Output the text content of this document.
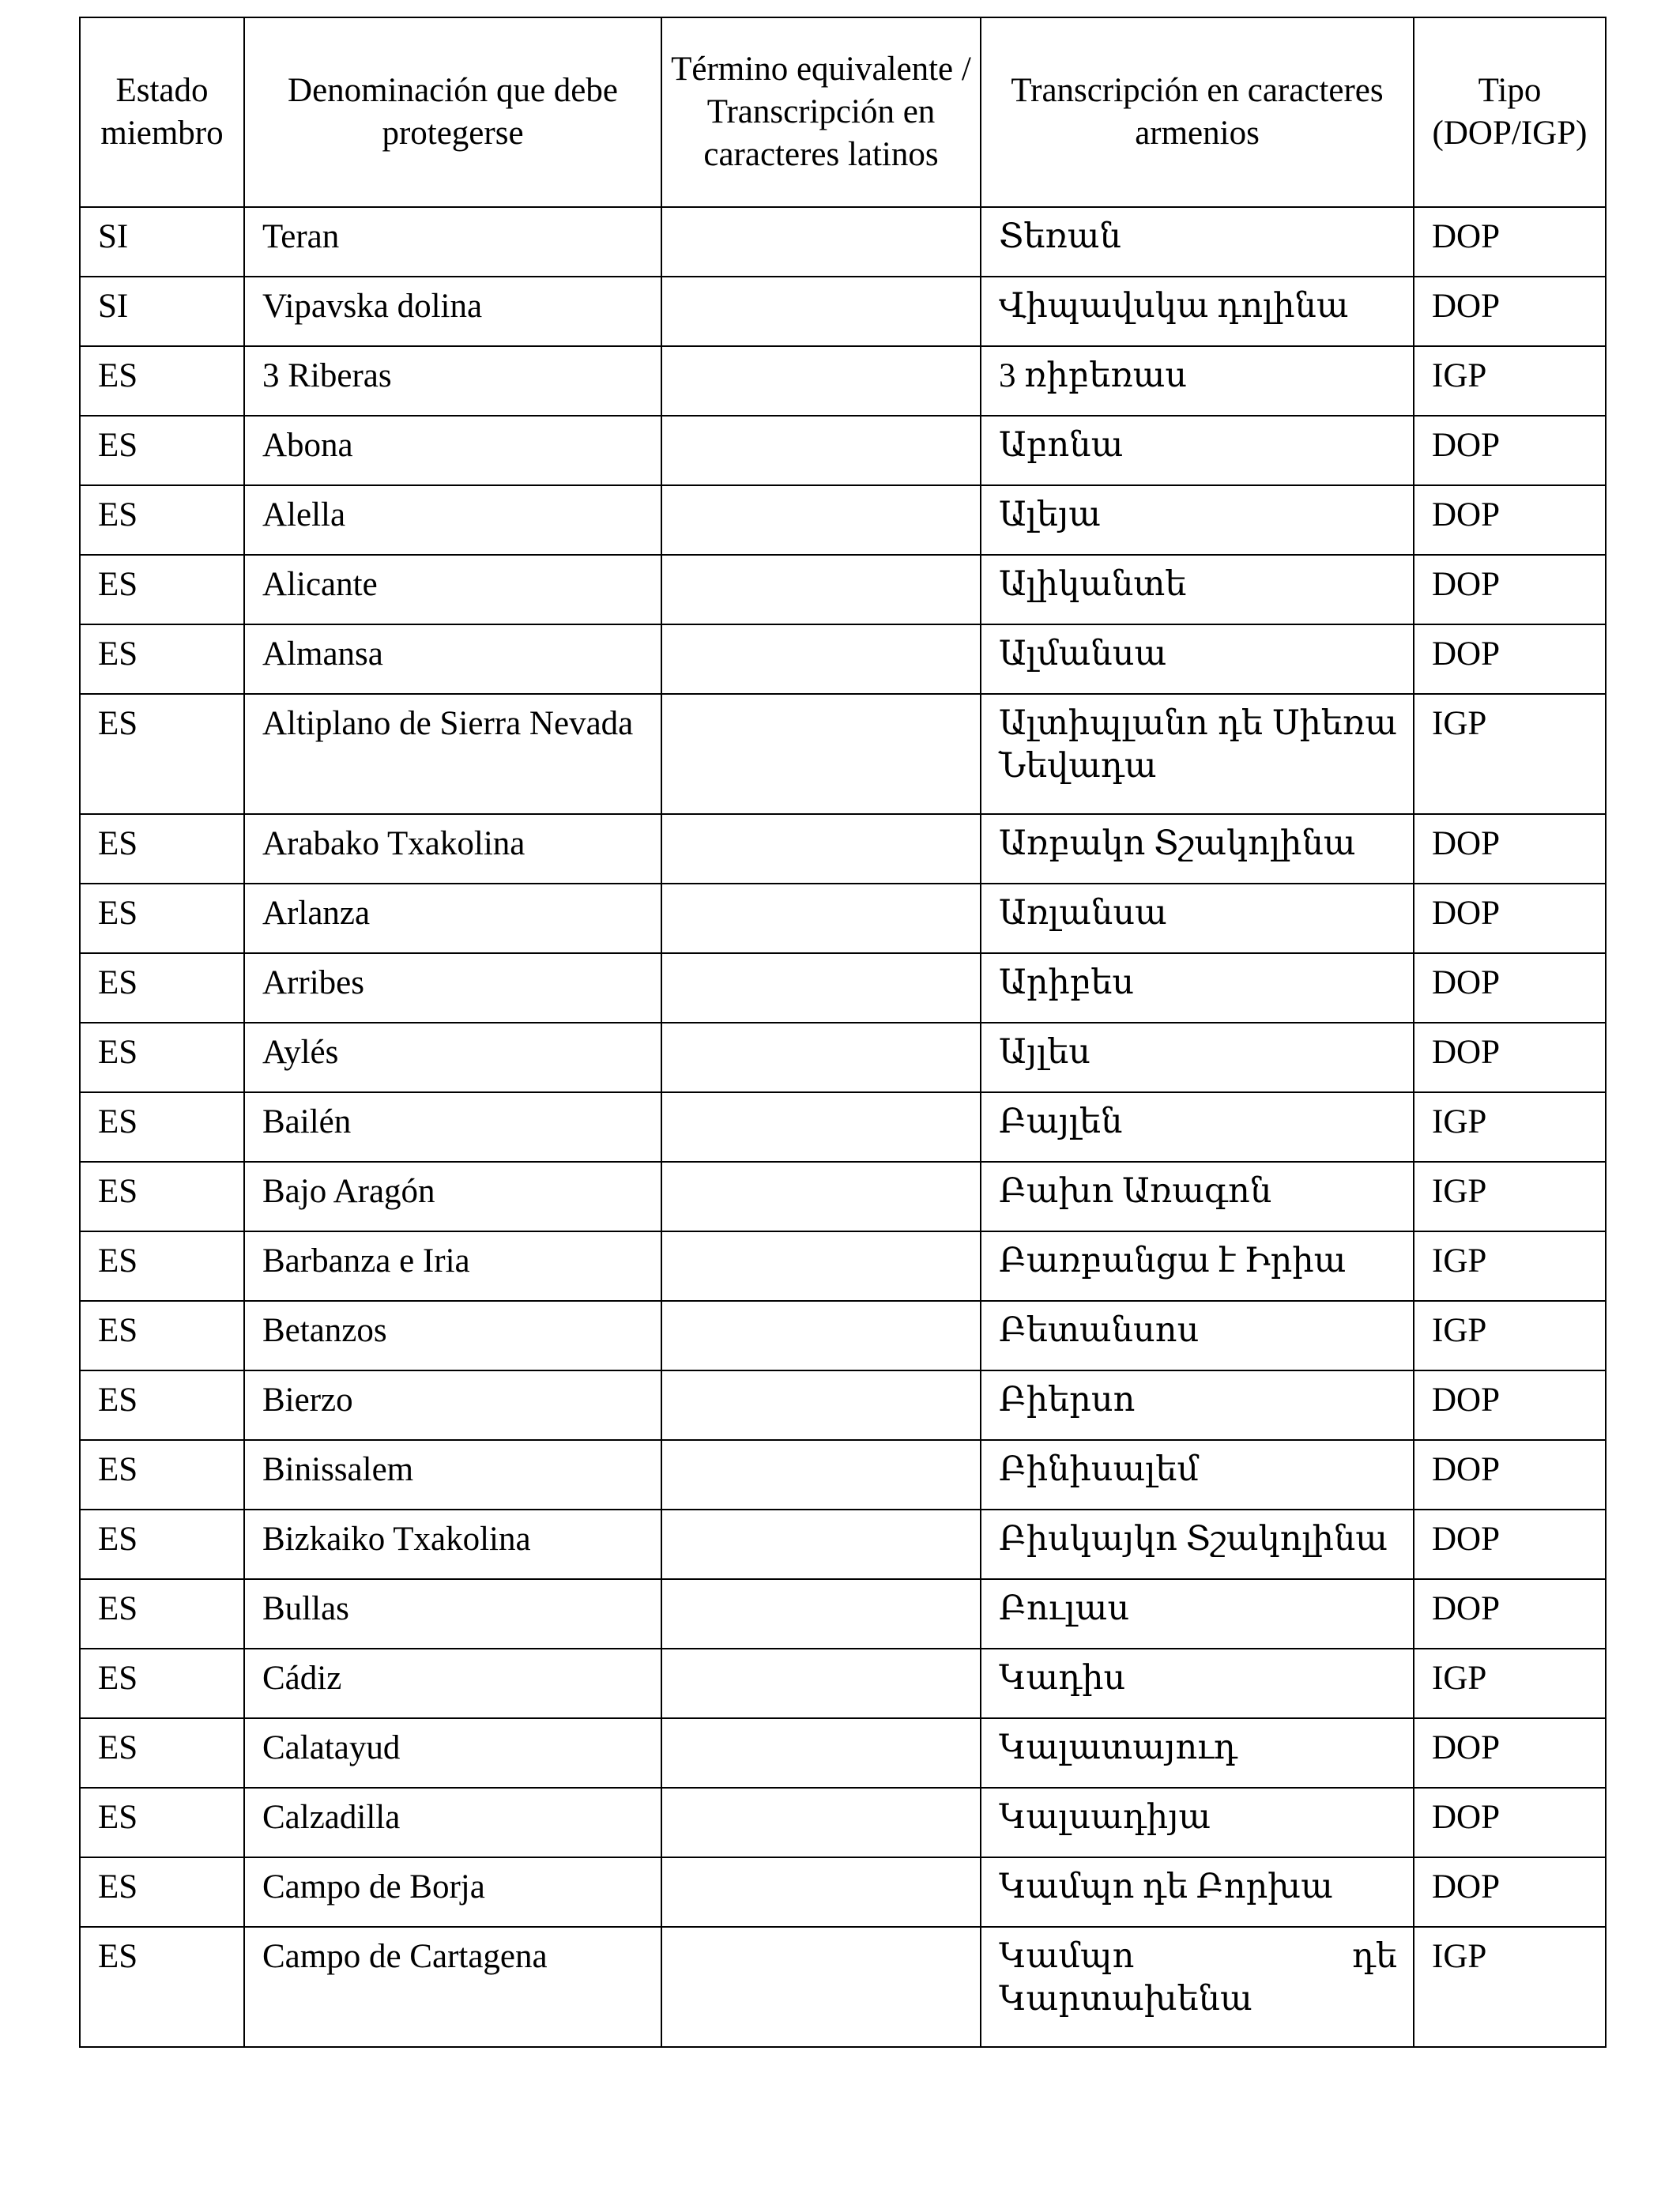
Estado miembro	Denominación que debe protegerse	Término equivalente / Transcripción en caracteres latinos	Transcripción en caracteres armenios	Tipo (DOP/IGP)
SI	Teran		Տեռան	DOP
SI	Vipavska dolina		Վիպավսկա դոլինա	DOP
ES	3 Riberas		3 ռիբեռաս	IGP
ES	Abona		Աբոնա	DOP
ES	Alella		Ալեյա	DOP
ES	Alicante		Ալիկանտե	DOP
ES	Almansa		Ալմանսա	DOP
ES	Altiplano de Sierra Nevada		Ալտիպլանո դե Սիեռա Նեվադա	IGP
ES	Arabako Txakolina		Առբակո Տշակոլինա	DOP
ES	Arlanza		Առլանսա	DOP
ES	Arribes		Արիբես	DOP
ES	Aylés		Այլես	DOP
ES	Bailén		Բայլեն	IGP
ES	Bajo Aragón		Բախո Առագոն	IGP
ES	Barbanza e Iria		Բառբանցա է Իրիա	IGP
ES	Betanzos		Բետանսոս	IGP
ES	Bierzo		Բիերսո	DOP
ES	Binissalem		Բինիսալեմ	DOP
ES	Bizkaiko Txakolina		Բիսկայկո Տշակոլինա	DOP
ES	Bullas		Բուլաս	DOP
ES	Cádiz		Կադիս	IGP
ES	Calatayud		Կալատայուդ	DOP
ES	Calzadilla		Կալսադիյա	DOP
ES	Campo de Borja		Կամպո դե Բորխա	DOP
ES	Campo de Cartagena		Կամպո դե Կարտախենա	IGP
